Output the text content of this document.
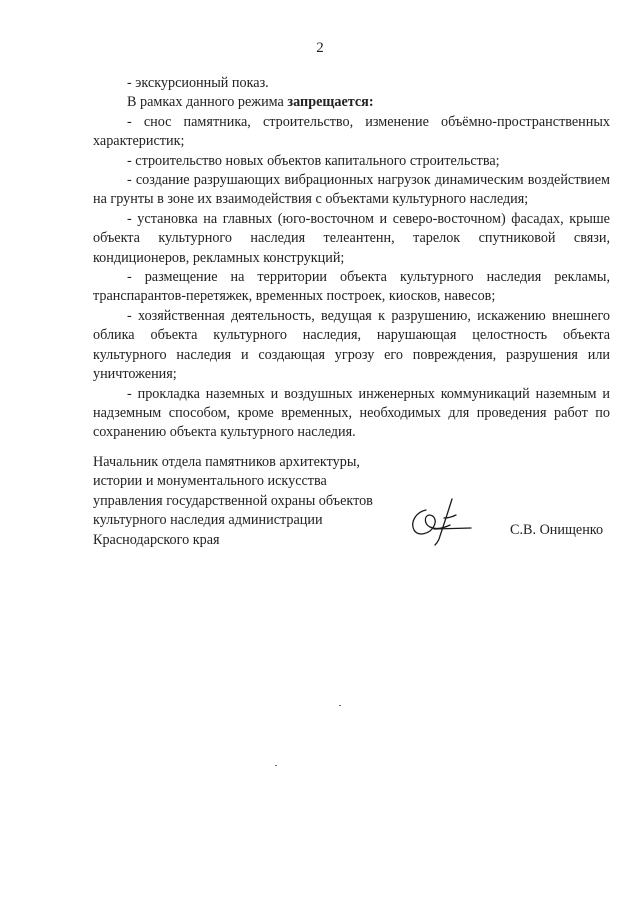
2

- экскурсионный показ.

В рамках данного режима запрещается:

- снос памятника, строительство, изменение объёмно-пространственных характеристик;

- строительство новых объектов капитального строительства;

- создание разрушающих вибрационных нагрузок динамическим воздействием на грунты в зоне их взаимодействия с объектами культурного наследия;

- установка на главных (юго-восточном и северо-восточном) фасадах, крыше объекта культурного наследия телеантенн, тарелок спутниковой связи, кондиционеров, рекламных конструкций;

- размещение на территории объекта культурного наследия рекламы, транспарантов-перетяжек, временных построек, киосков, навесов;

- хозяйственная деятельность, ведущая к разрушению, искажению внешнего облика объекта культурного наследия, нарушающая целостность объекта культурного наследия и создающая угрозу его повреждения, разрушения или уничтожения;

- прокладка наземных и воздушных инженерных коммуникаций наземным и надземным способом, кроме временных, необходимых для проведения работ по сохранению объекта культурного наследия.

Начальник отдела памятников архитектуры,
истории и монументального искусства
управления государственной охраны объектов
культурного наследия администрации
Краснодарского края
С.В. Онищенко
